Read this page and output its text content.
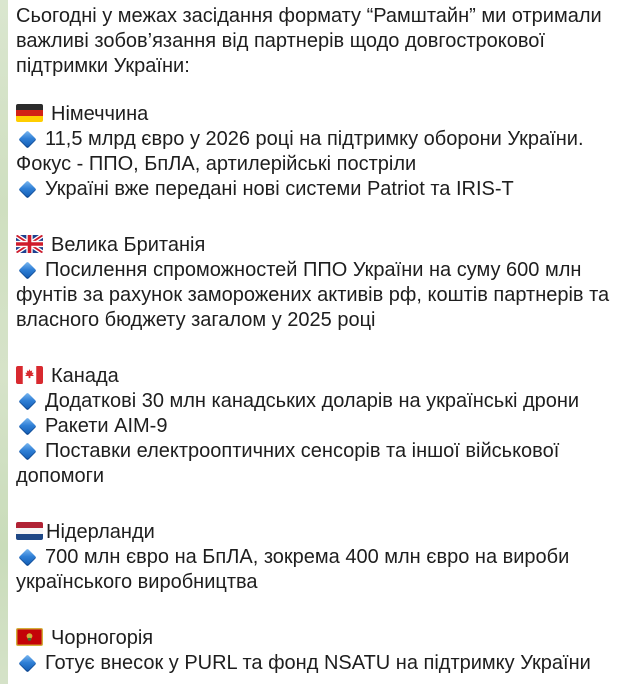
Сьогодні у межах засідання формату “Рамштайн” ми отримали важливі зобов’язання від партнерів щодо довгострокової підтримки України:

Німеччина

11,5 млрд євро у 2026 році на підтримку оборони України. Фокус - ППО, БпЛА, артилерійські постріли

Україні вже передані нові системи Patriot та IRIS-T

Велика Британія

Посилення спроможностей ППО України на суму 600 млн фунтів за рахунок заморожених активів рф, коштів партнерів та власного бюджету загалом у 2025 році

Канада

Додаткові 30 млн канадських доларів на українські дрони

Ракети AIM-9

Поставки електрооптичних сенсорів та іншої військової допомоги

Нідерланди

700 млн євро на БпЛА, зокрема 400 млн євро на вироби українського виробництва

Чорногорія

Готує внесок у PURL та фонд NSATU на підтримку України
